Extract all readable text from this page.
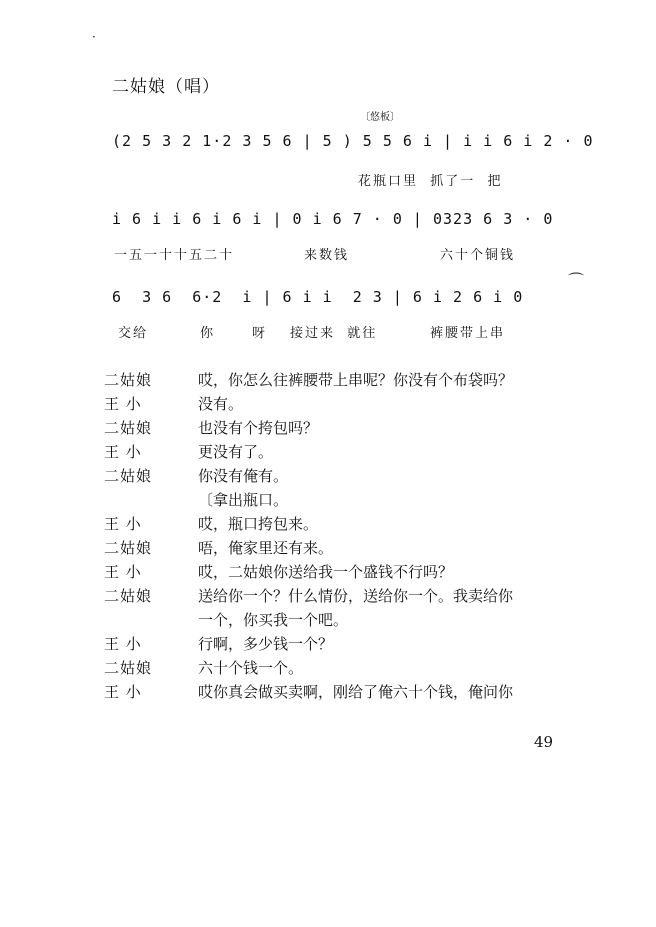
·
二姑娘（唱）
〔悠板〕
(2 5 3 2 1·2 3 5 6 | 5 ) 5 5 6 i | i i 6 i 2 · 0
花瓶口里  抓了一  把
i 6 i i 6 i 6 i | 0 i 6 7 · 0 | 0323 6 3 · 0
一五一十十五二十	来数钱	六十个铜钱
⌒
6  3 6  6·2  i | 6 i i  2 3 | 6 i 2 6 i 0
交给	你	呀 接过来  就往	裤腰带上串
二姑娘	哎，你怎么往裤腰带上串呢？你没有个布袋吗？
王 小	没有。
二姑娘	也没有个挎包吗？
王 小	更没有了。
二姑娘	你没有俺有。
〔拿出瓶口。
王 小	哎，瓶口挎包来。
二姑娘	唔，俺家里还有来。
王 小	哎，二姑娘你送给我一个盛钱不行吗？
二姑娘	送给你一个？什么情份，送给你一个。我卖给你
一个，你买我一个吧。
王 小	行啊，多少钱一个？
二姑娘	六十个钱一个。
王 小	哎你真会做买卖啊，刚给了俺六十个钱，俺问你
49
